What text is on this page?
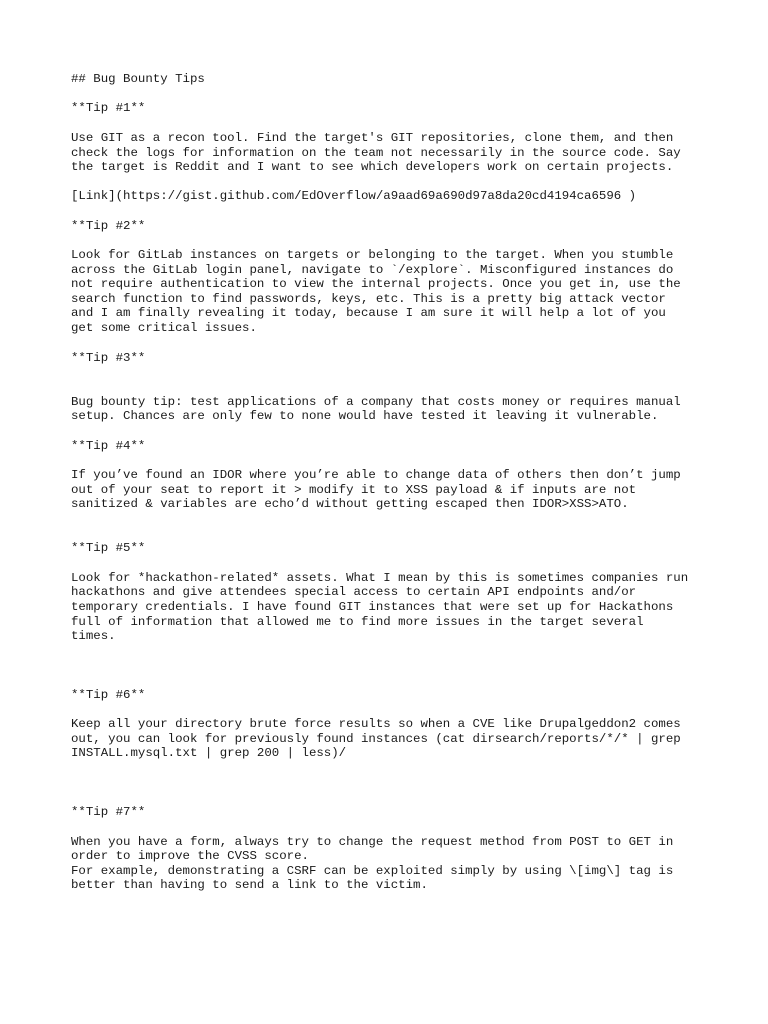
## Bug Bounty Tips
**Tip #1**
Use GIT as a recon tool. Find the target's GIT repositories, clone them, and then
check the logs for information on the team not necessarily in the source code. Say
the target is Reddit and I want to see which developers work on certain projects.
[Link](https://gist.github.com/EdOverflow/a9aad69a690d97a8da20cd4194ca6596 )
**Tip #2**
Look for GitLab instances on targets or belonging to the target. When you stumble
across the GitLab login panel, navigate to `/explore`. Misconfigured instances do
not require authentication to view the internal projects. Once you get in, use the
search function to find passwords, keys, etc. This is a pretty big attack vector
and I am finally revealing it today, because I am sure it will help a lot of you
get some critical issues.
**Tip #3**
Bug bounty tip: test applications of a company that costs money or requires manual
setup. Chances are only few to none would have tested it leaving it vulnerable.
**Tip #4**
If you’ve found an IDOR where you’re able to change data of others then don’t jump
out of your seat to report it > modify it to XSS payload & if inputs are not
sanitized & variables are echo’d without getting escaped then IDOR>XSS>ATO.
**Tip #5**
Look for *hackathon-related* assets. What I mean by this is sometimes companies run
hackathons and give attendees special access to certain API endpoints and/or
temporary credentials. I have found GIT instances that were set up for Hackathons
full of information that allowed me to find more issues in the target several
times.
**Tip #6**
Keep all your directory brute force results so when a CVE like Drupalgeddon2 comes
out, you can look for previously found instances (cat dirsearch/reports/*/* | grep
INSTALL.mysql.txt | grep 200 | less)/
**Tip #7**
When you have a form, always try to change the request method from POST to GET in
order to improve the CVSS score.
For example, demonstrating a CSRF can be exploited simply by using \[img\] tag is
better than having to send a link to the victim.
